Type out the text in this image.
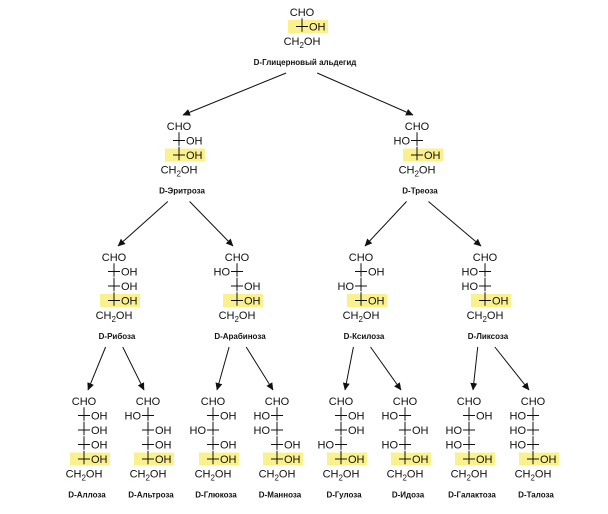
CHO
OH
$CH_2OH$
D-Глицерновый альдегид
CHO
OH
OH
$CH_2OH$
D-Эритроза
CHO
HO
OH
$CH_2OH$
D-Треоза
CHO
OH
OH
OH
$CH_2OH$
D-Рибоза
CHO
HO
OH
OH
$CH_2OH$
D-Арабиноза
CHO
OH
HO
OH
$CH_2OH$
D-Ксилоза
CHO
HO
HO
OH
$CH_2OH$
D-Ликсоза
CHO
OH
OH
OH
OH
$CH_2OH$
D-Аллоза
CHO
HO
OH
OH
OH
$CH_2OH$
D-Альтроза
CHO
OH
HO
OH
OH
$CH_2OH$
D-Глюкоза
CHO
HO
HO
OH
OH
$CH_2OH$
D-Манноза
CHO
OH
OH
HO
OH
$CH_2OH$
D-Гулоза
CHO
HO
OH
HO
OH
$CH_2OH$
D-Идоза
CHO
OH
HO
HO
OH
$CH_2OH$
D-Галактоза
CHO
HO
HO
HO
OH
$CH_2OH$
D-Талоза
